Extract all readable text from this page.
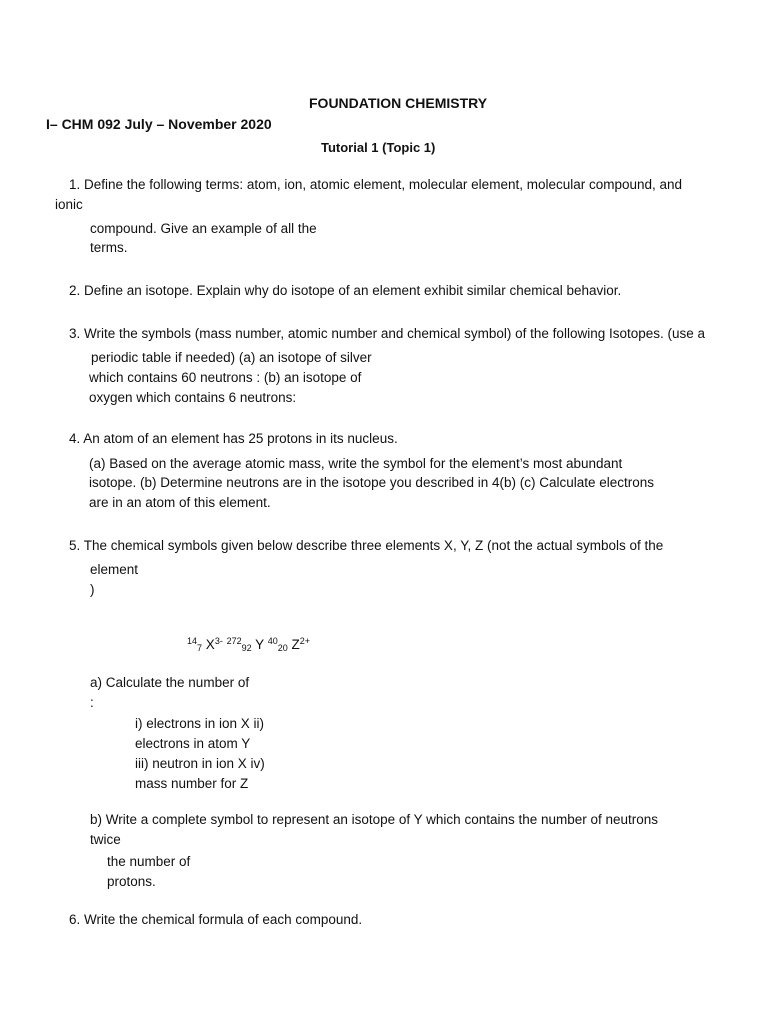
FOUNDATION CHEMISTRY
I– CHM 092 July – November 2020
Tutorial 1 (Topic 1)
1. Define the following terms: atom, ion, atomic element, molecular element, molecular compound, and
ionic
compound. Give an example of all the
terms.
2. Define an isotope. Explain why do isotope of an element exhibit similar chemical behavior.
3. Write the symbols (mass number, atomic number and chemical symbol) of the following Isotopes. (use a
periodic table if needed) (a) an isotope of silver
which contains 60 neutrons : (b) an isotope of
oxygen which contains 6 neutrons:
4. An atom of an element has 25 protons in its nucleus.
(a) Based on the average atomic mass, write the symbol for the element’s most abundant
isotope. (b) Determine neutrons are in the isotope you described in 4(b) (c) Calculate electrons
are in an atom of this element.
5. The chemical symbols given below describe three elements X, Y, Z (not the actual symbols of the
element
)
$^{14}_7$ $X^{3-}$ $^{272}_{92}$ Y $^{40}_{20}$ $Z^{2+}$
a) Calculate the number of
:
i) electrons in ion X ii)
electrons in atom Y
iii) neutron in ion X iv)
mass number for Z
b) Write a complete symbol to represent an isotope of Y which contains the number of neutrons
twice
the number of
protons.
6. Write the chemical formula of each compound.
